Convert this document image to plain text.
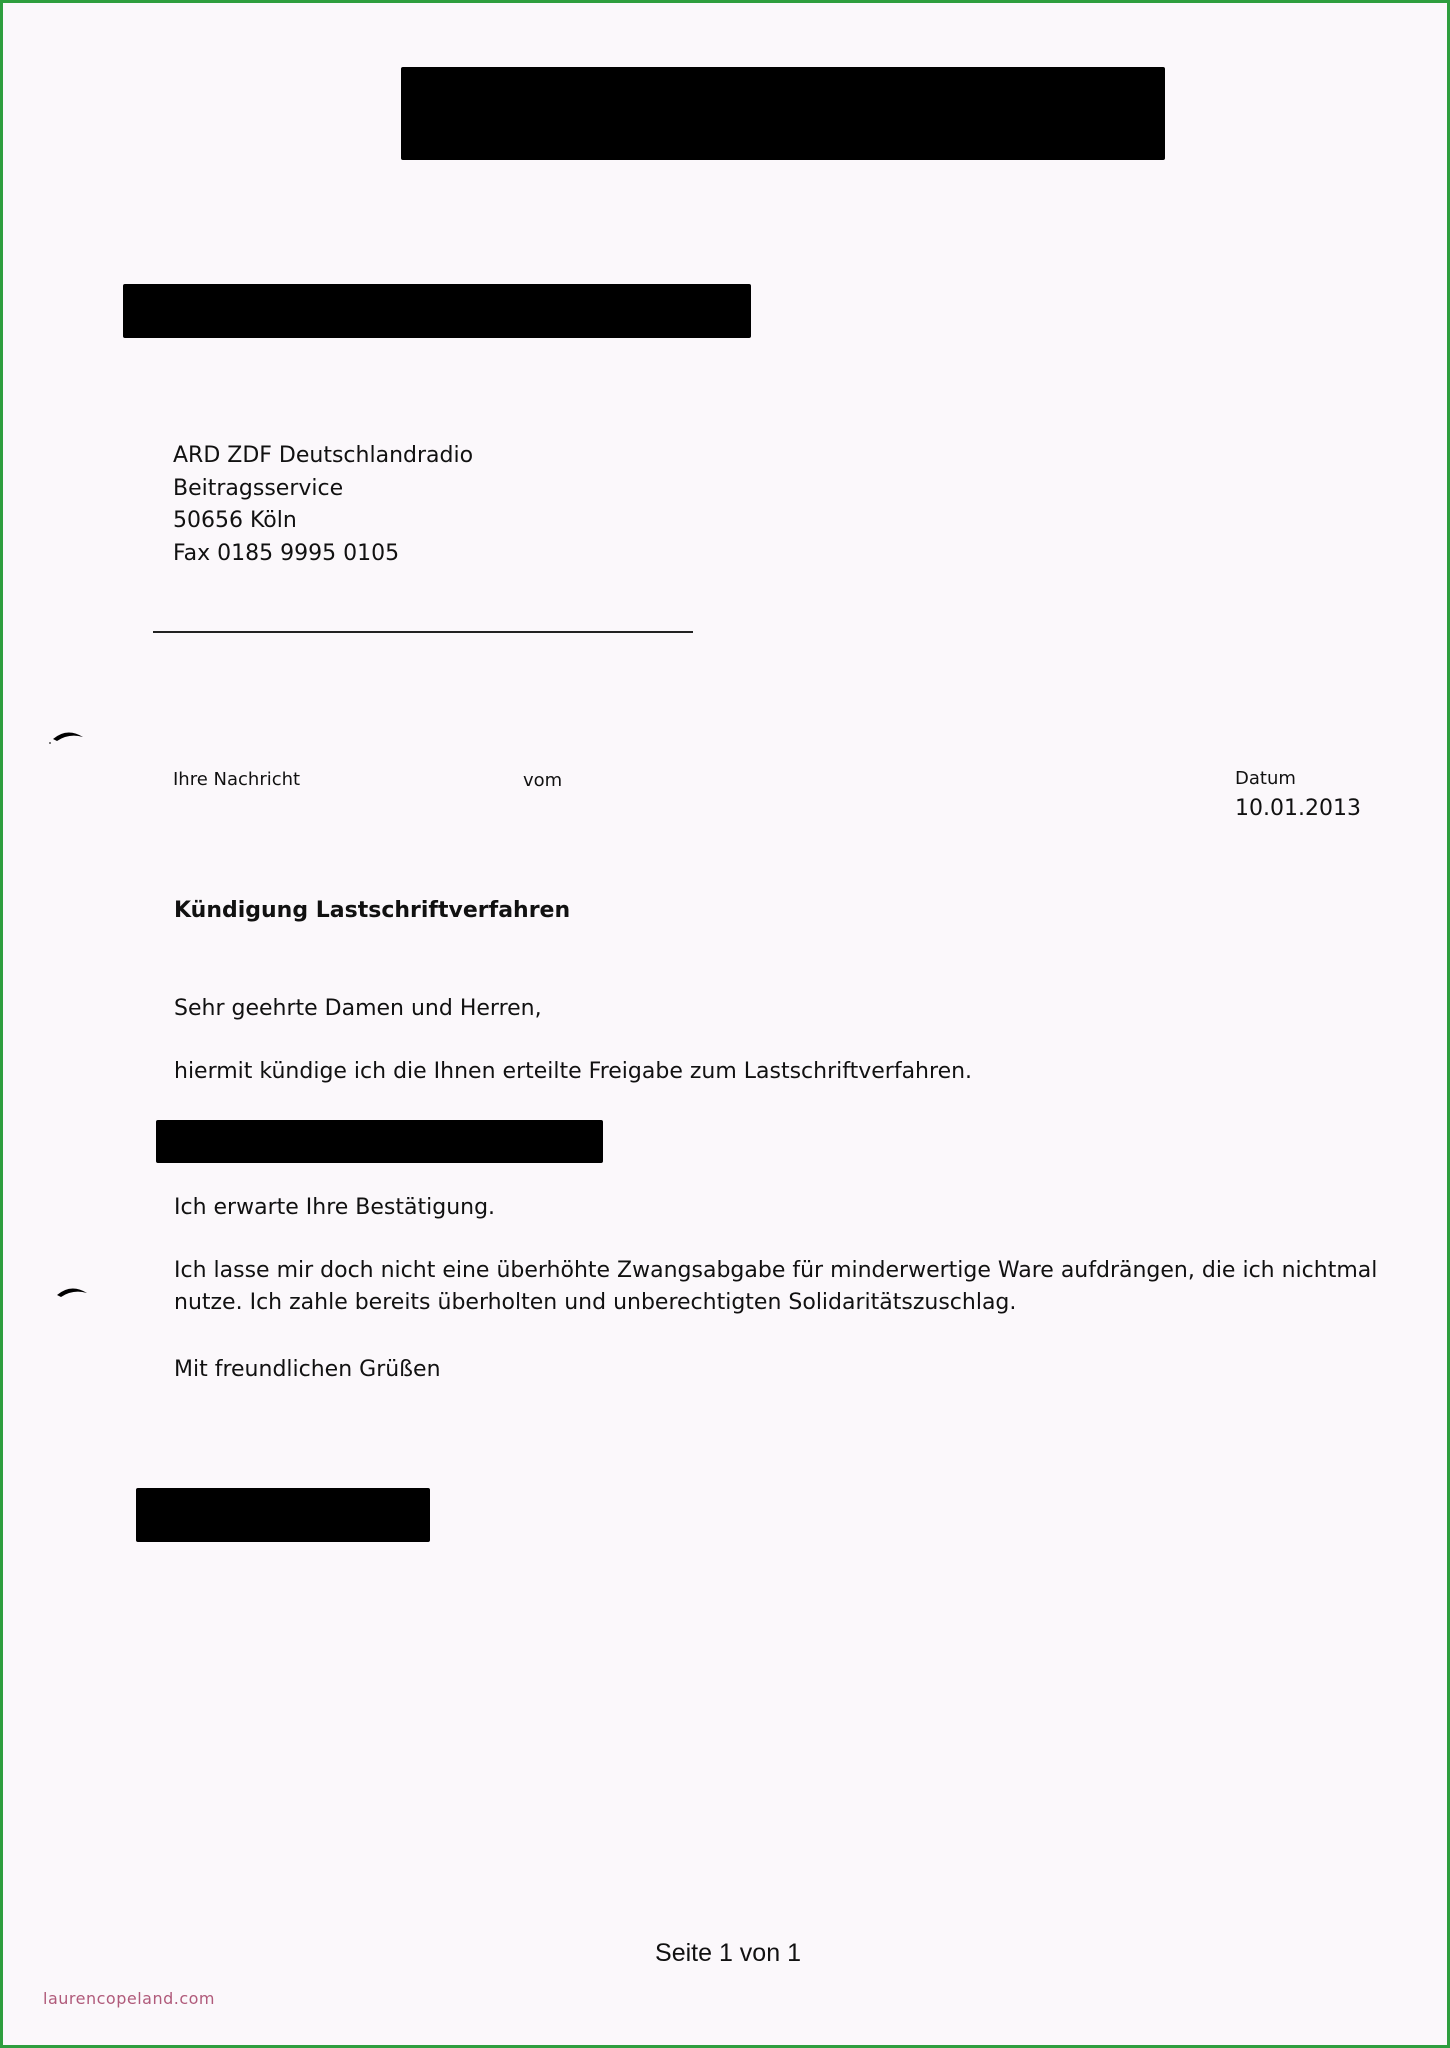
ARD ZDF Deutschlandradio
Beitragsservice
50656 Köln
Fax 0185 9995 0105
Ihre Nachricht	vom	Datum
10.01.2013
Kündigung Lastschriftverfahren
Sehr geehrte Damen und Herren,
hiermit kündige ich die Ihnen erteilte Freigabe zum Lastschriftverfahren.
Ich erwarte Ihre Bestätigung.
Ich lasse mir doch nicht eine überhöhte Zwangsabgabe für minderwertige Ware aufdrängen, die ich nichtmal
nutze. Ich zahle bereits überholten und unberechtigten Solidaritätszuschlag.
Mit freundlichen Grüßen
Seite 1 von 1
laurencopeland.com
